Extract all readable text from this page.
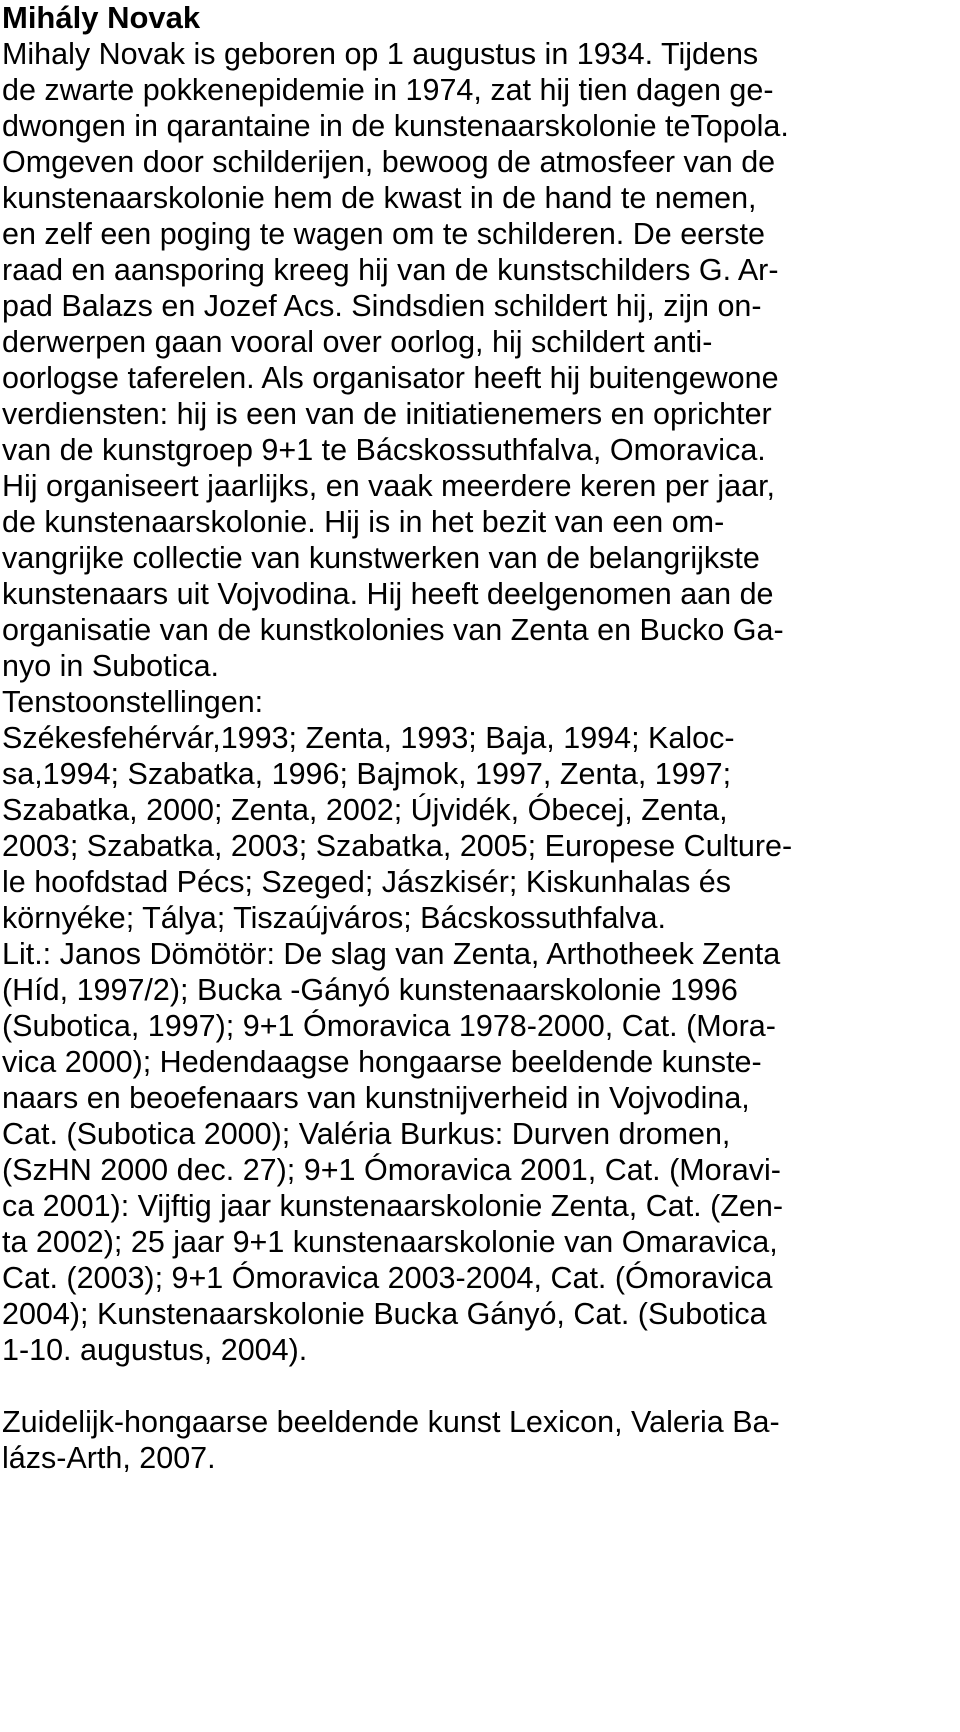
Mihály Novak
Mihaly Novak is geboren op 1 augustus in 1934. Tijdens
de zwarte pokkenepidemie in 1974, zat hij tien dagen ge-
dwongen in qarantaine in de kunstenaarskolonie teTopola.
Omgeven door schilderijen, bewoog de atmosfeer van de
kunstenaarskolonie hem de kwast in de hand te nemen,
en zelf een poging te wagen om te schilderen. De eerste
raad en aansporing kreeg hij van de kunstschilders G. Ar-
pad Balazs en Jozef Acs. Sindsdien schildert hij, zijn on-
derwerpen gaan vooral over oorlog, hij schildert anti-
oorlogse taferelen. Als organisator heeft hij buitengewone
verdiensten: hij is een van de initiatienemers en oprichter
van de kunstgroep 9+1 te Bácskossuthfalva, Omoravica.
Hij organiseert jaarlijks, en vaak meerdere keren per jaar,
de kunstenaarskolonie. Hij is in het bezit van een om-
vangrijke collectie van kunstwerken van de belangrijkste
kunstenaars uit Vojvodina. Hij heeft deelgenomen aan de
organisatie van de kunstkolonies van Zenta en Bucko Ga-
nyo in Subotica.
Tenstoonstellingen:
Székesfehérvár,1993; Zenta, 1993; Baja, 1994; Kaloc-
sa,1994; Szabatka, 1996; Bajmok, 1997, Zenta, 1997;
Szabatka, 2000; Zenta, 2002; Újvidék, Óbecej, Zenta,
2003; Szabatka, 2003; Szabatka, 2005; Europese Culture-
le hoofdstad Pécs; Szeged; Jászkisér; Kiskunhalas és
környéke; Tálya; Tiszaújváros; Bácskossuthfalva.
Lit.: Janos Dömötör: De slag van Zenta, Arthotheek Zenta
(Híd, 1997/2); Bucka -Gányó kunstenaarskolonie 1996
(Subotica, 1997); 9+1 Ómoravica 1978-2000, Cat. (Mora-
vica 2000); Hedendaagse hongaarse beeldende kunste-
naars en beoefenaars van kunstnijverheid in Vojvodina,
Cat. (Subotica 2000); Valéria Burkus: Durven dromen,
(SzHN 2000 dec. 27); 9+1 Ómoravica 2001, Cat. (Moravi-
ca 2001): Vijftig jaar kunstenaarskolonie Zenta, Cat. (Zen-
ta 2002); 25 jaar 9+1 kunstenaarskolonie van Omaravica,
Cat. (2003); 9+1 Ómoravica 2003-2004, Cat. (Ómoravica
2004); Kunstenaarskolonie Bucka Gányó, Cat. (Subotica
1-10. augustus, 2004).
Zuidelijk-hongaarse beeldende kunst Lexicon, Valeria Ba-
lázs-Arth, 2007.
